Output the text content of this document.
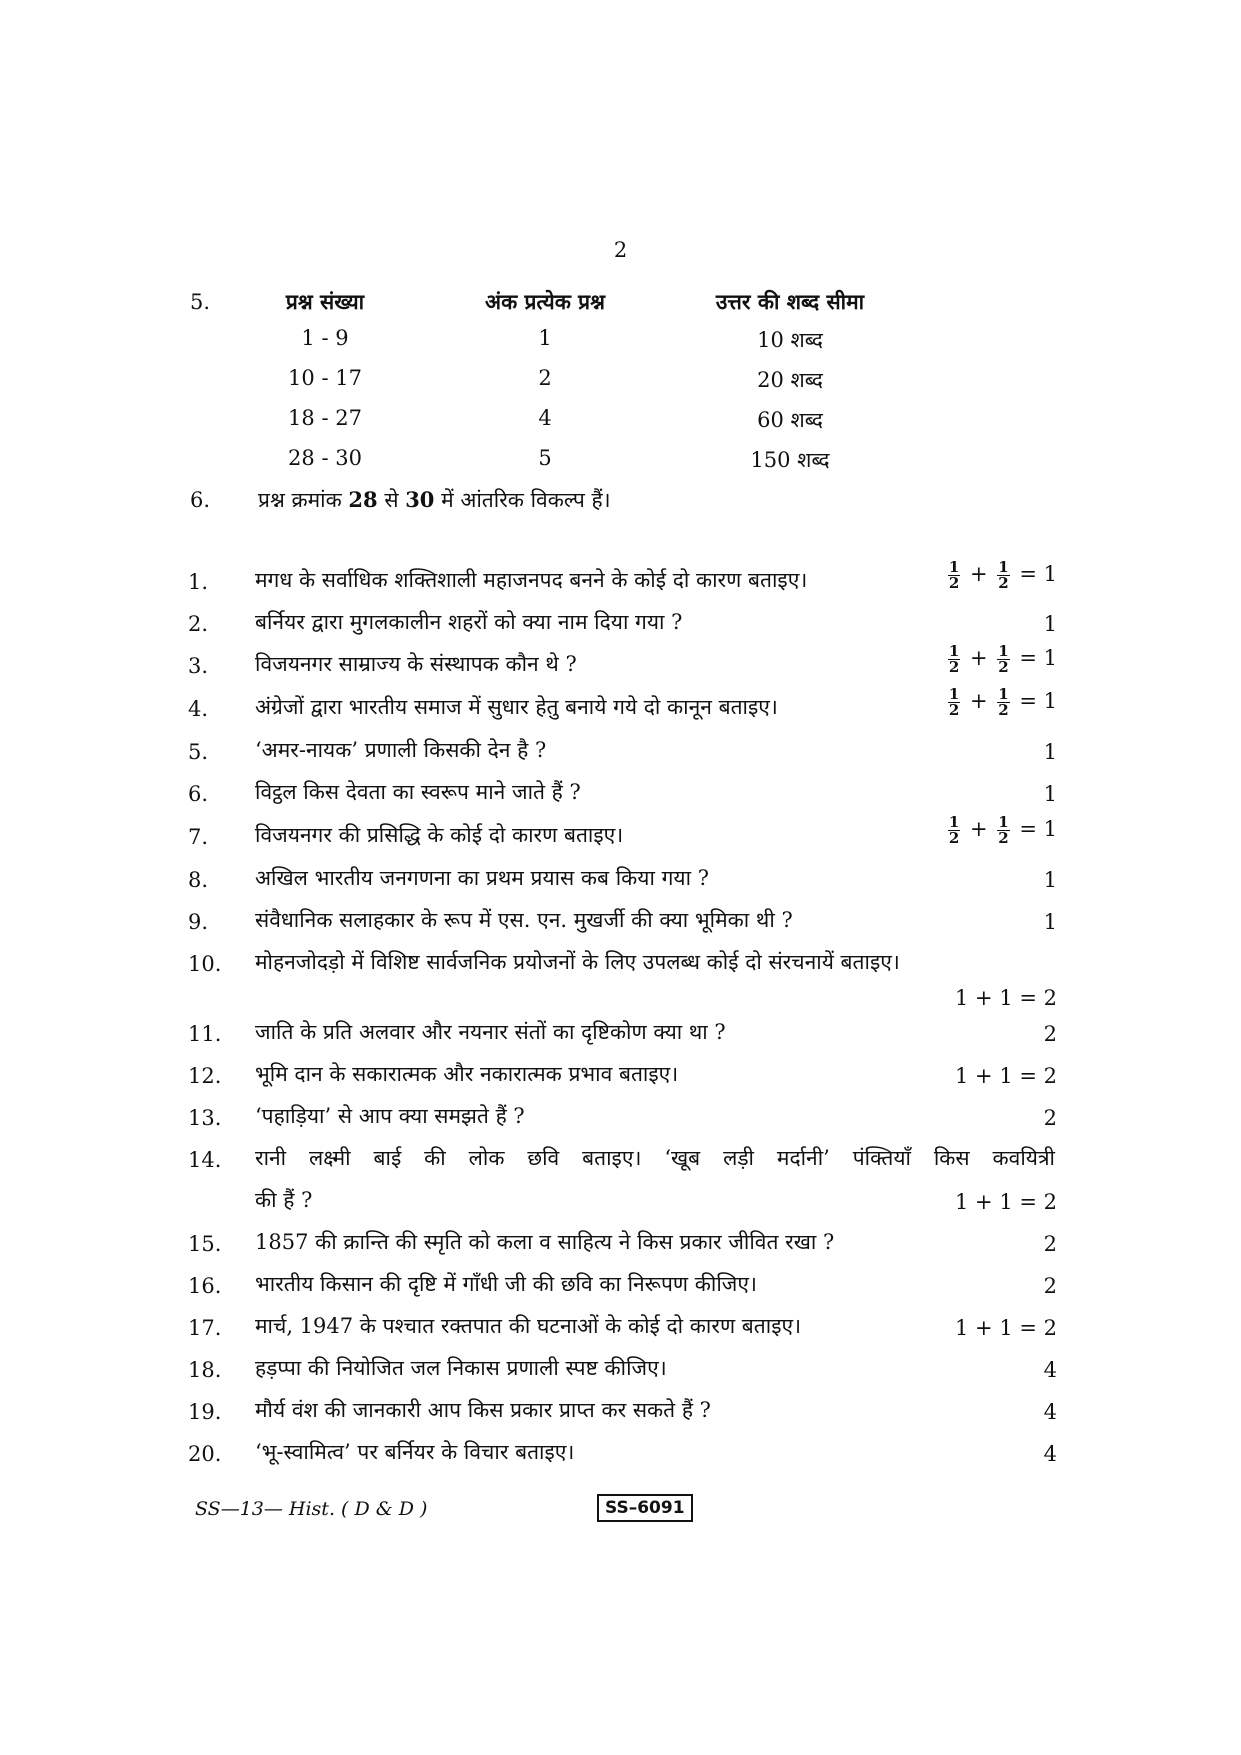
2
5.	प्रश्न संख्या	अंक प्रत्येक प्रश्न	उत्तर की शब्द सीमा
1 - 9	1	10 शब्द
10 - 17	2	20 शब्द
18 - 27	4	60 शब्द
28 - 30	5	150 शब्द
6. प्रश्न क्रमांक 28 से 30 में आंतरिक विकल्प हैं।
1. मगध के सर्वाधिक शक्तिशाली महाजनपद बनने के कोई दो कारण बताइए।	$\frac{1}{2} + \frac{1}{2} = 1$
2. बर्नियर द्वारा मुगलकालीन शहरों को क्या नाम दिया गया ?	1
3. विजयनगर साम्राज्य के संस्थापक कौन थे ?	$\frac{1}{2} + \frac{1}{2} = 1$
4. अंग्रेजों द्वारा भारतीय समाज में सुधार हेतु बनाये गये दो कानून बताइए।	$\frac{1}{2} + \frac{1}{2} = 1$
5. ‘अमर-नायक’ प्रणाली किसकी देन है ?	1
6. विट्ठल किस देवता का स्वरूप माने जाते हैं ?	1
7. विजयनगर की प्रसिद्धि के कोई दो कारण बताइए।	$\frac{1}{2} + \frac{1}{2} = 1$
8. अखिल भारतीय जनगणना का प्रथम प्रयास कब किया गया ?	1
9. संवैधानिक सलाहकार के रूप में एस. एन. मुखर्जी की क्या भूमिका थी ?	1
10. मोहनजोदड़ो में विशिष्ट सार्वजनिक प्रयोजनों के लिए उपलब्ध कोई दो संरचनायें बताइए।
1 + 1 = 2
11. जाति के प्रति अलवार और नयनार संतों का दृष्टिकोण क्या था ?	2
12. भूमि दान के सकारात्मक और नकारात्मक प्रभाव बताइए।	1 + 1 = 2
13. ‘पहाड़िया’ से आप क्या समझते हैं ?	2
14. रानी लक्ष्मी बाई की लोक छवि बताइए। ‘खूब लड़ी मर्दानी’ पंक्तियाँ किस कवयित्री
की हैं ?	1 + 1 = 2
15. 1857 की क्रान्ति की स्मृति को कला व साहित्य ने किस प्रकार जीवित रखा ?	2
16. भारतीय किसान की दृष्टि में गाँधी जी की छवि का निरूपण कीजिए।	2
17. मार्च, 1947 के पश्चात रक्तपात की घटनाओं के कोई दो कारण बताइए।	1 + 1 = 2
18. हड़प्पा की नियोजित जल निकास प्रणाली स्पष्ट कीजिए।	4
19. मौर्य वंश की जानकारी आप किस प्रकार प्राप्त कर सकते हैं ?	4
20. ‘भू-स्वामित्व’ पर बर्नियर के विचार बताइए।	4
SS—13— Hist. ( D & D )	SS–6091
